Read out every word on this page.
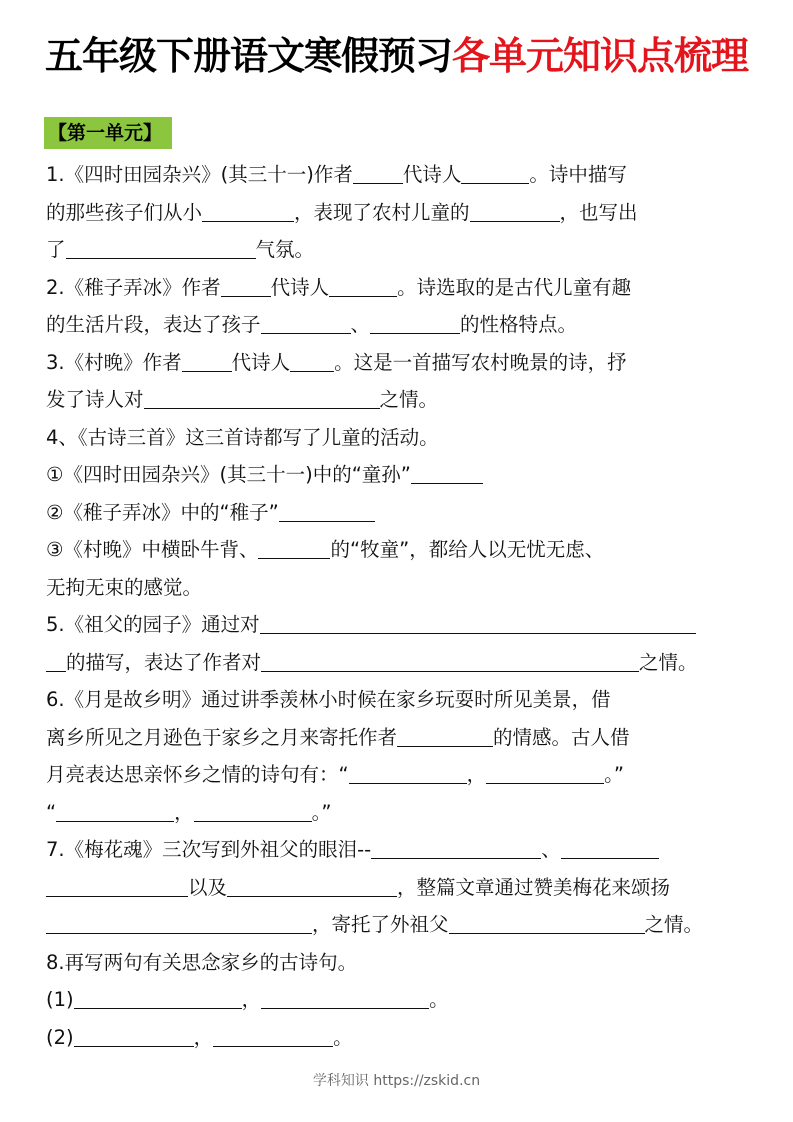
五年级下册语文寒假预习各单元知识点梳理
【第一单元】
1.《四时田园杂兴》(其三十一)作者	代诗人	。诗中描写
的那些孩子们从小	，表现了农村儿童的	，也写出
了	气氛。
2.《稚子弄冰》作者	代诗人	。诗选取的是古代儿童有趣
的生活片段，表达了孩子	、	的性格特点。
3.《村晚》作者	代诗人 。这是一首描写农村晚景的诗，抒
发了诗人对	之情。
4、《古诗三首》这三首诗都写了儿童的活动。
①《四时田园杂兴》(其三十一)中的“童孙”
②《稚子弄冰》中的“稚子”
③《村晚》中横卧牛背、	的“牧童”，都给人以无忧无虑、
无拘无束的感觉。
5.《祖父的园子》通过对
的描写，表达了作者对	之情。
6.《月是故乡明》通过讲季羡林小时候在家乡玩耍时所见美景，借
离乡所见之月逊色于家乡之月来寄托作者	的情感。古人借
月亮表达思亲怀乡之情的诗句有：“	，	。”
“	，	。”
7.《梅花魂》三次写到外祖父的眼泪--	、
以及	，整篇文章通过赞美梅花来颂扬
，寄托了外祖父	之情。
8.再写两句有关思念家乡的古诗句。
(1)	，	。
(2)	，	。
学科知识 https://zskid.cn
